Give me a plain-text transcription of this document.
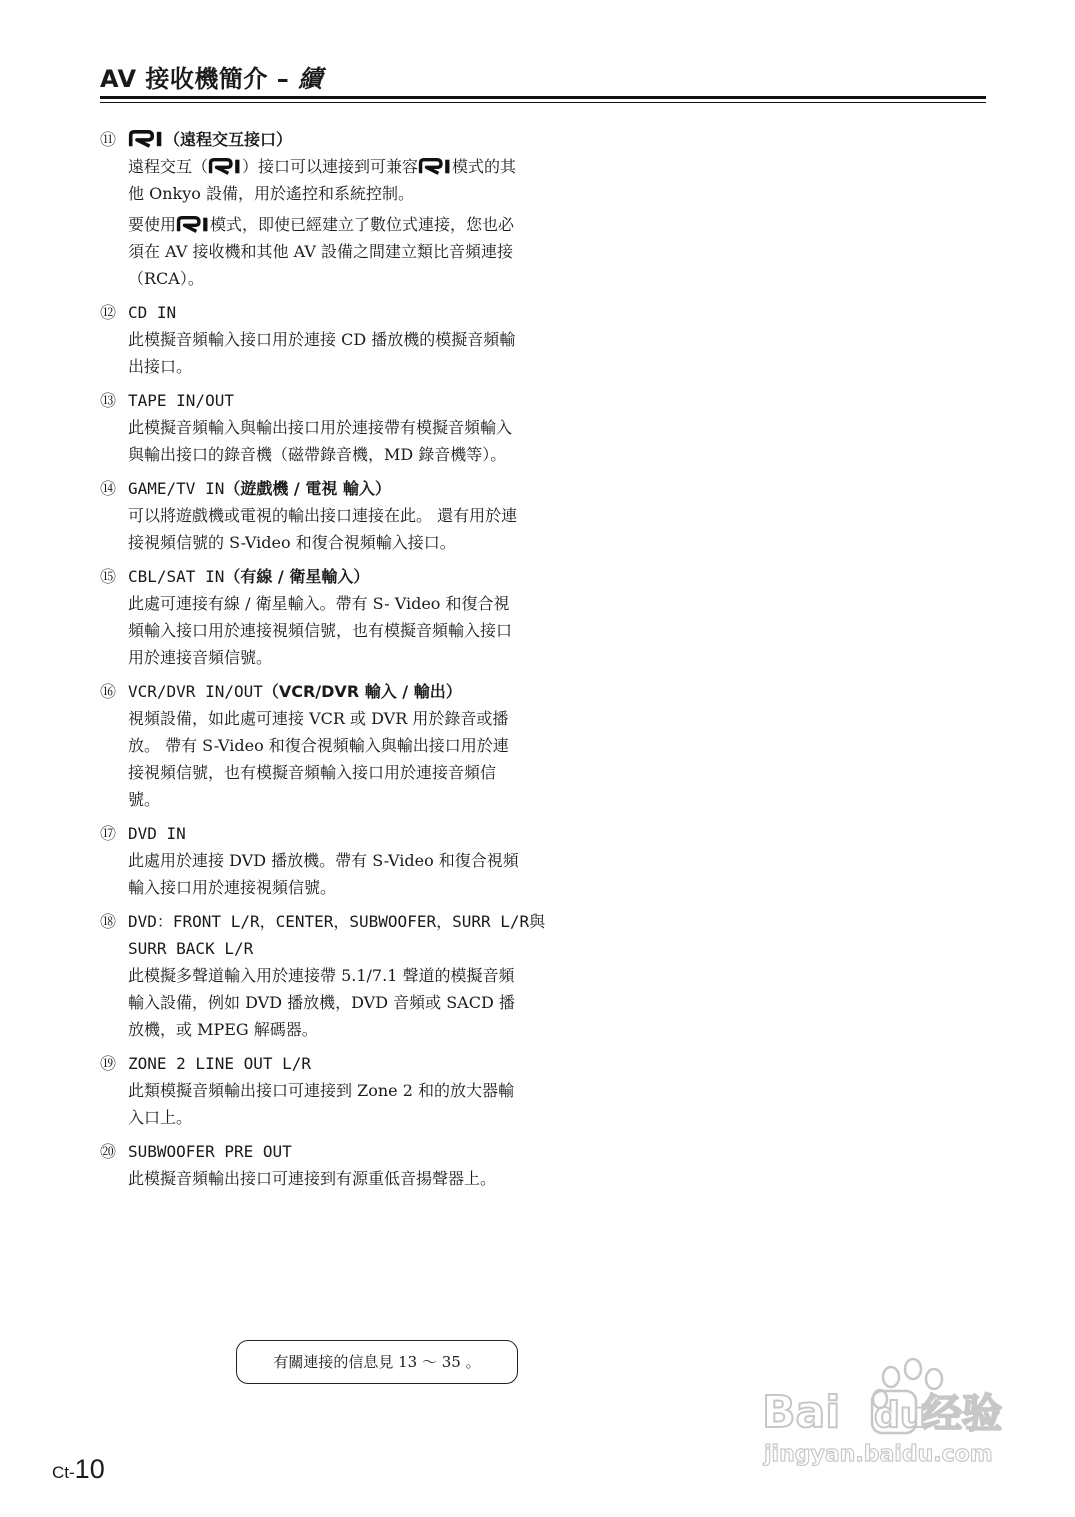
AV 接收機簡介 – 續
⑪	（遠程交互接口）
遠程交互（ ）接口可以連接到可兼容 模式的其他 Onkyo 設備，用於遙控和系統控制。
要使用 模式，即使已經建立了數位式連接，您也必須在 AV 接收機和其他 AV 設備之間建立類比音頻連接（RCA）。
⑫ CD IN
此模擬音頻輸入接口用於連接 CD 播放機的模擬音頻輸出接口。
⑬ TAPE IN/OUT
此模擬音頻輸入與輸出接口用於連接帶有模擬音頻輸入與輸出接口的錄音機（磁帶錄音機，MD 錄音機等）。
⑭ GAME/TV IN（遊戲機 / 電視 輸入）
可以將遊戲機或電視的輸出接口連接在此。 還有用於連接視頻信號的 S-Video 和復合視頻輸入接口。
⑮ CBL/SAT IN（有線 / 衛星輸入）
此處可連接有線 / 衛星輸入。帶有 S- Video 和復合視頻輸入接口用於連接視頻信號，也有模擬音頻輸入接口用於連接音頻信號。
⑯ VCR/DVR IN/OUT（VCR/DVR 輸入 / 輸出）
視頻設備，如此處可連接 VCR 或 DVR 用於錄音或播放。 帶有 S-Video 和復合視頻輸入與輸出接口用於連接視頻信號，也有模擬音頻輸入接口用於連接音頻信號。
⑰ DVD IN
此處用於連接 DVD 播放機。帶有 S-Video 和復合視頻輸入接口用於連接視頻信號。
⑱ DVD：FRONT L/R，CENTER，SUBWOOFER，SURR L/R與
SURR BACK L/R
此模擬多聲道輸入用於連接帶 5.1/7.1 聲道的模擬音頻輸入設備，例如 DVD 播放機，DVD 音頻或 SACD 播放機，或 MPEG 解碼器。
⑲ ZONE 2 LINE OUT L/R
此類模擬音頻輸出接口可連接到 Zone 2 和的放大器輸入口上。
⑳ SUBWOOFER PRE OUT
此模擬音頻輸出接口可連接到有源重低音揚聲器上。
有關連接的信息見 13 ～ 35 。
Ct-10
Bai du
经验
jingyan.baidu.com
